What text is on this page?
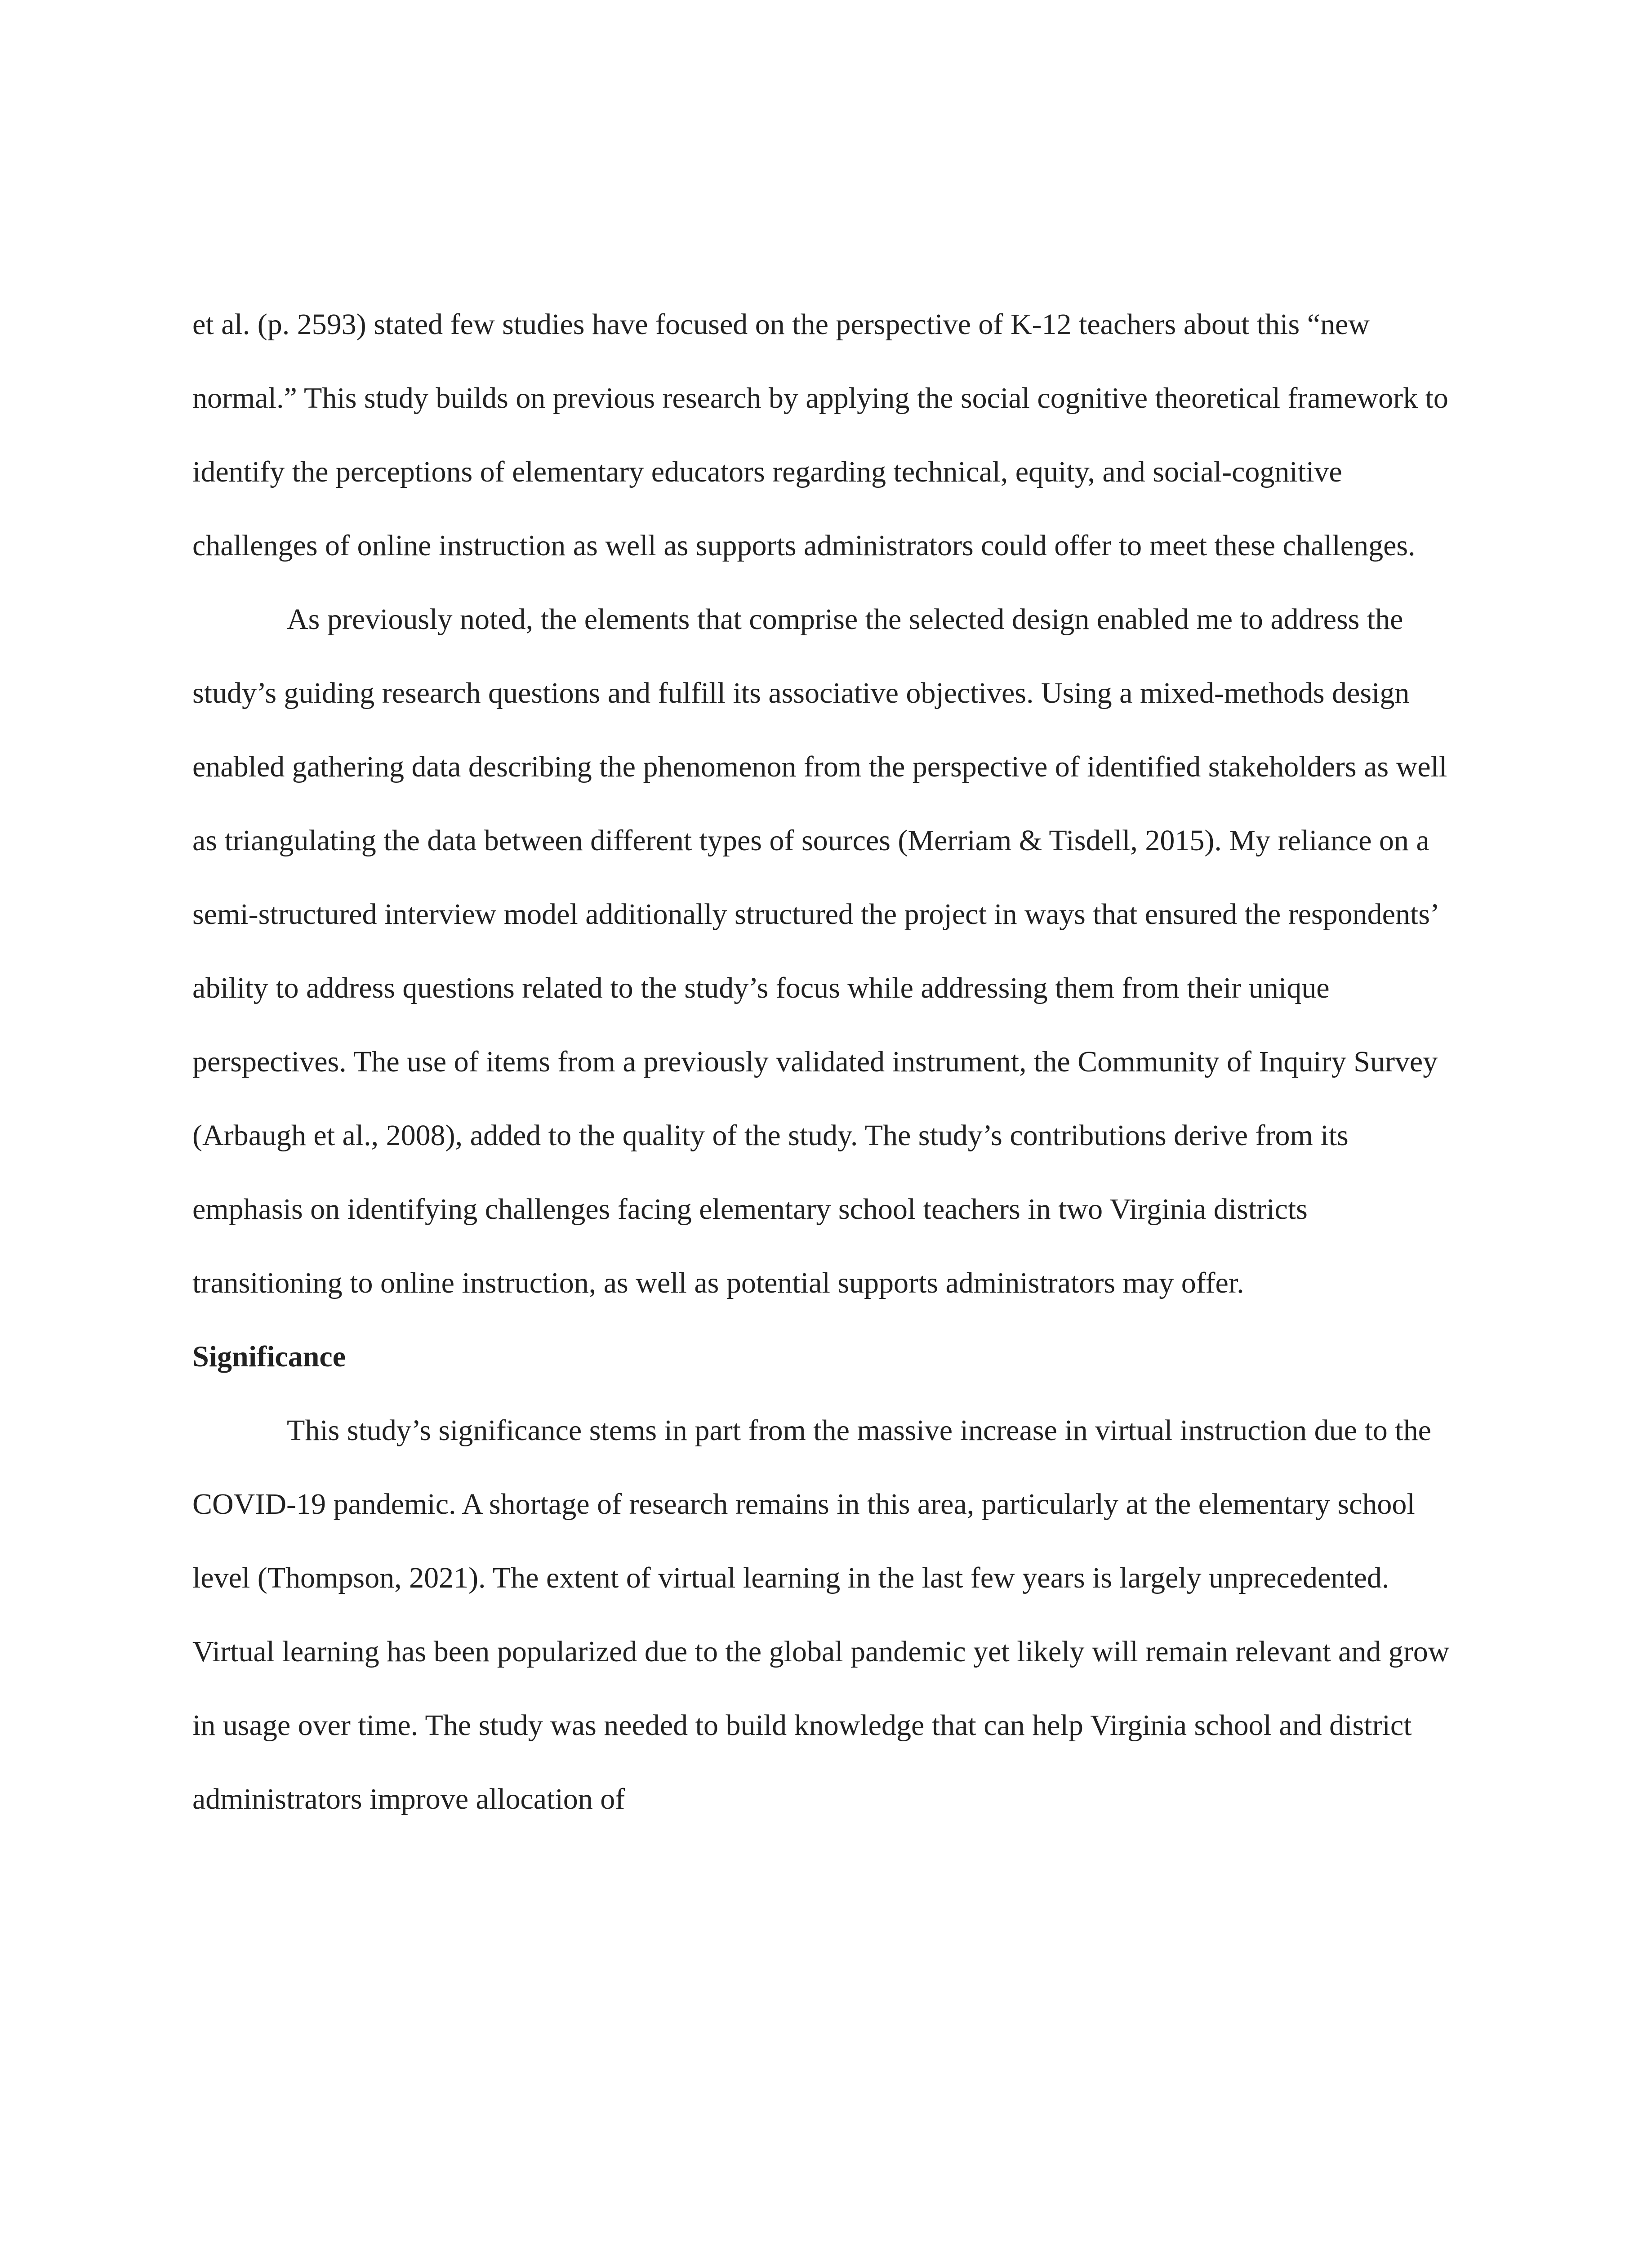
et al. (p. 2593) stated few studies have focused on the perspective of K-12 teachers about this “new normal.” This study builds on previous research by applying the social cognitive theoretical framework to identify the perceptions of elementary educators regarding technical, equity, and social-cognitive challenges of online instruction as well as supports administrators could offer to meet these challenges.

As previously noted, the elements that comprise the selected design enabled me to address the study’s guiding research questions and fulfill its associative objectives. Using a mixed-methods design enabled gathering data describing the phenomenon from the perspective of identified stakeholders as well as triangulating the data between different types of sources (Merriam & Tisdell, 2015). My reliance on a semi-structured interview model additionally structured the project in ways that ensured the respondents’ ability to address questions related to the study’s focus while addressing them from their unique perspectives. The use of items from a previously validated instrument, the Community of Inquiry Survey (Arbaugh et al., 2008), added to the quality of the study. The study’s contributions derive from its emphasis on identifying challenges facing elementary school teachers in two Virginia districts transitioning to online instruction, as well as potential supports administrators may offer.

Significance

This study’s significance stems in part from the massive increase in virtual instruction due to the COVID-19 pandemic. A shortage of research remains in this area, particularly at the elementary school level (Thompson, 2021). The extent of virtual learning in the last few years is largely unprecedented. Virtual learning has been popularized due to the global pandemic yet likely will remain relevant and grow in usage over time. The study was needed to build knowledge that can help Virginia school and district administrators improve allocation of
